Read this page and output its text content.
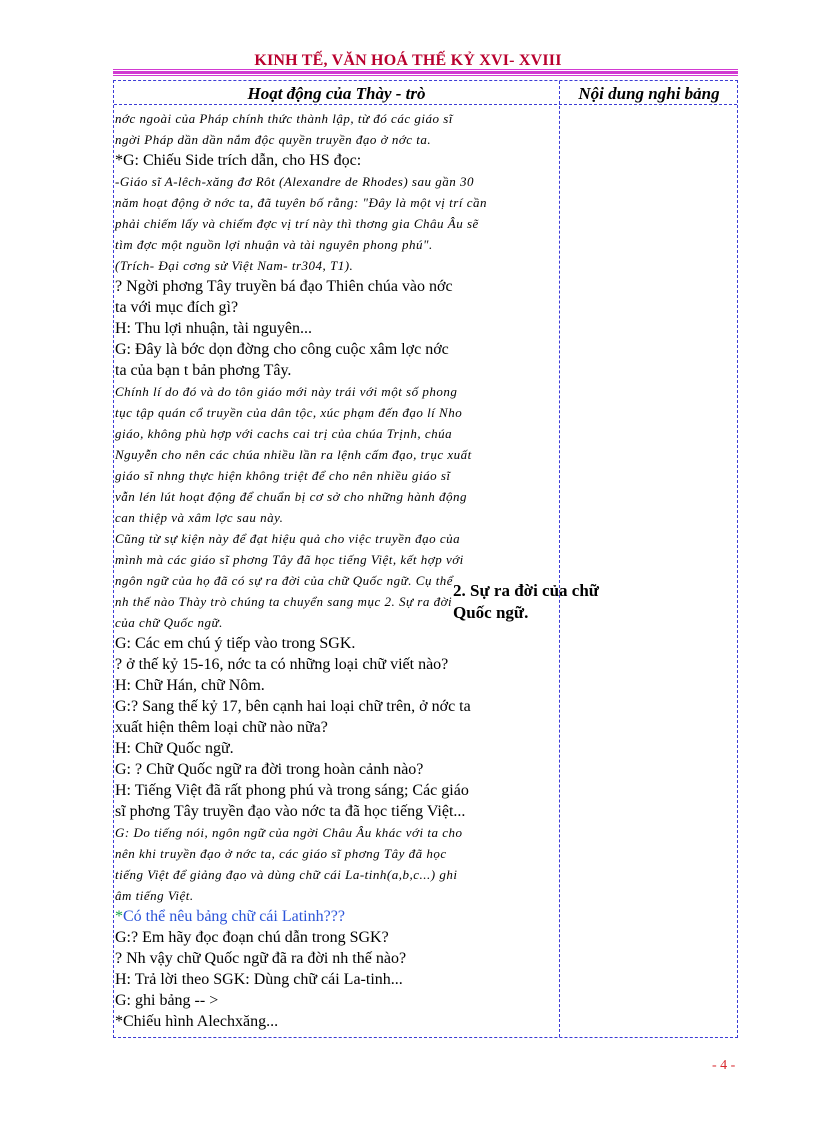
KINH TẾ, VĂN HOÁ THẾ KỶ XVI- XVIII
Hoạt động của Thày - trò	Nội dung nghi bảng
nớc ngoài của Pháp chính thức thành lập, từ đó các giáo sĩ
ngời Pháp dần dần nắm độc quyền truyền đạo ở nớc ta.
*G: Chiếu Side trích dẫn, cho HS đọc:
-Giáo sĩ A-lêch-xăng đơ Rôt (Alexandre de Rhodes) sau gần 30
năm hoạt động ở nớc ta, đã tuyên bố rằng: "Đây là một vị trí cần
phải chiếm lấy và chiếm đợc vị trí này thì thơng gia Châu Âu sẽ
tìm đợc một nguồn lợi nhuận và tài nguyên phong phú".
(Trích- Đại cơng sử Việt Nam- tr304, T1).
? Ngời phơng Tây truyền bá đạo Thiên chúa vào nớc
ta với mục đích gì?
H: Thu lợi nhuận, tài nguyên...
G: Đây là bớc dọn đờng cho công cuộc xâm lợc nớc
ta của bạn t bản phơng Tây.
Chính lí do đó và do tôn giáo mới này trái với một số phong
tục tập quán cổ truyền của dân tộc, xúc phạm đến đạo lí Nho
giáo, không phù hợp với cachs cai trị của chúa Trịnh, chúa
Nguyễn cho nên các chúa nhiều lần ra lệnh cấm đạo, trục xuất
giáo sĩ nhng thực hiện không triệt để cho nên nhiều giáo sĩ
vẫn lén lút hoạt động để chuẩn bị cơ sở cho những hành động
can thiệp và xâm lợc sau này.
Cũng từ sự kiện này để đạt hiệu quả cho việc truyền đạo của
mình mà các giáo sĩ phơng Tây đã học tiếng Việt, kết hợp với
ngôn ngữ của họ đã có sự ra đời của chữ Quốc ngữ. Cụ thể
nh thế nào Thày trò chúng ta chuyển sang mục 2. Sự ra đời
của chữ Quốc ngữ.
G: Các em chú ý tiếp vào trong SGK.
? ở thế kỷ 15-16, nớc ta có những loại chữ viết nào?
H: Chữ Hán, chữ Nôm.
G:? Sang thế kỷ 17, bên cạnh hai loại chữ trên, ở nớc ta
xuất hiện thêm loại chữ nào nữa?
H: Chữ Quốc ngữ.
G: ? Chữ Quốc ngữ ra đời trong hoàn cảnh nào?
H: Tiếng Việt đã rất phong phú và trong sáng; Các giáo
sĩ phơng Tây truyền đạo vào nớc ta đã học tiếng Việt...
G: Do tiếng nói, ngôn ngữ của ngời Châu Âu khác với ta cho
nên khi truyền đạo ở nớc ta, các giáo sĩ phơng Tây đã học
tiếng Việt để giảng đạo và dùng chữ cái La-tinh(a,b,c...) ghi
âm tiếng Việt.
*Có thể nêu bảng chữ cái Latinh???
G:? Em hãy đọc đoạn chú dẫn trong SGK?
? Nh vậy chữ Quốc ngữ đã ra đời nh thế nào?
H: Trả lời theo SGK: Dùng chữ cái La-tinh...
G: ghi bảng -- >
*Chiếu hình Alechxăng...
2. Sự ra đời của chữ Quốc ngữ.
- 4 -
